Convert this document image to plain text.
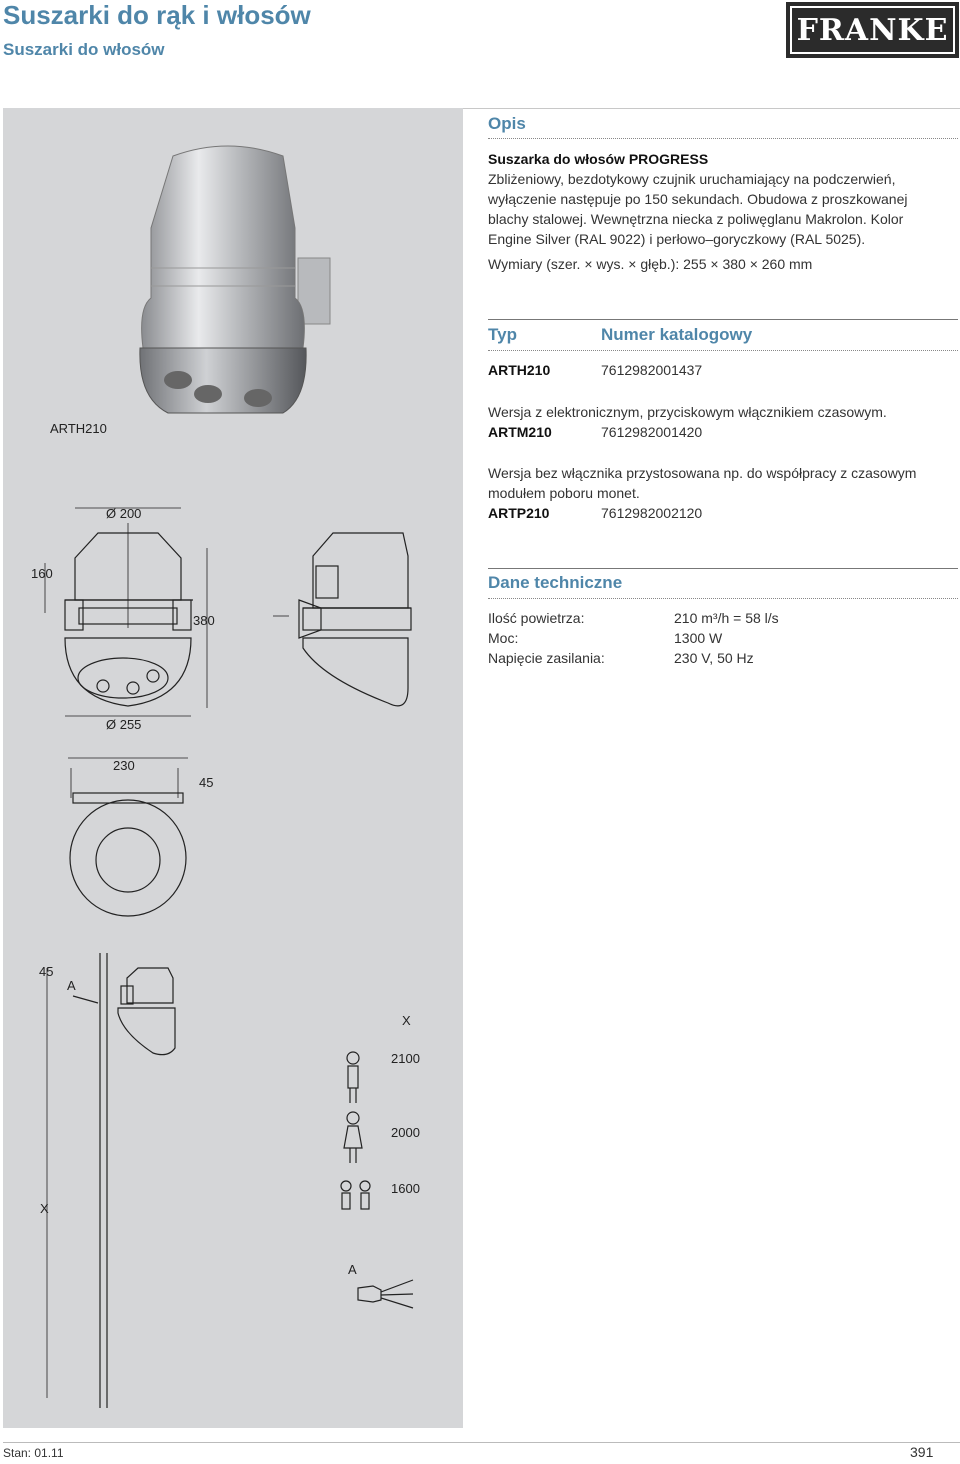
Suszarki do rąk i włosów
Suszarki do włosów
FRANKE
ARTH210
Ø 200
160
380
Ø 255
230
45
45
A
X
2100
2000
1600
X
A
Opis
Suszarka do włosów PROGRESS
Zbliżeniowy, bezdotykowy czujnik uruchamiający na podczerwień,
wyłączenie następuje po 150 sekundach. Obudowa z proszkowanej
blachy stalowej. Wewnętrzna niecka z poliwęglanu Makrolon. Kolor
Engine Silver (RAL 9022) i perłowo–goryczkowy (RAL 5025).
Wymiary (szer. × wys. × głęb.): 255 × 380 × 260 mm
Typ	Numer katalogowy
ARTH210	7612982001437
Wersja z elektronicznym, przyciskowym włącznikiem czasowym.
ARTM210	7612982001420
Wersja bez włącznika przystosowana np. do współpracy z czasowym
modułem poboru monet.
ARTP210	7612982002120
Dane techniczne
Ilość powietrza:	210 m³/h = 58 l/s
Moc:	1300 W
Napięcie zasilania:	230 V, 50 Hz
Stan: 01.11	391
